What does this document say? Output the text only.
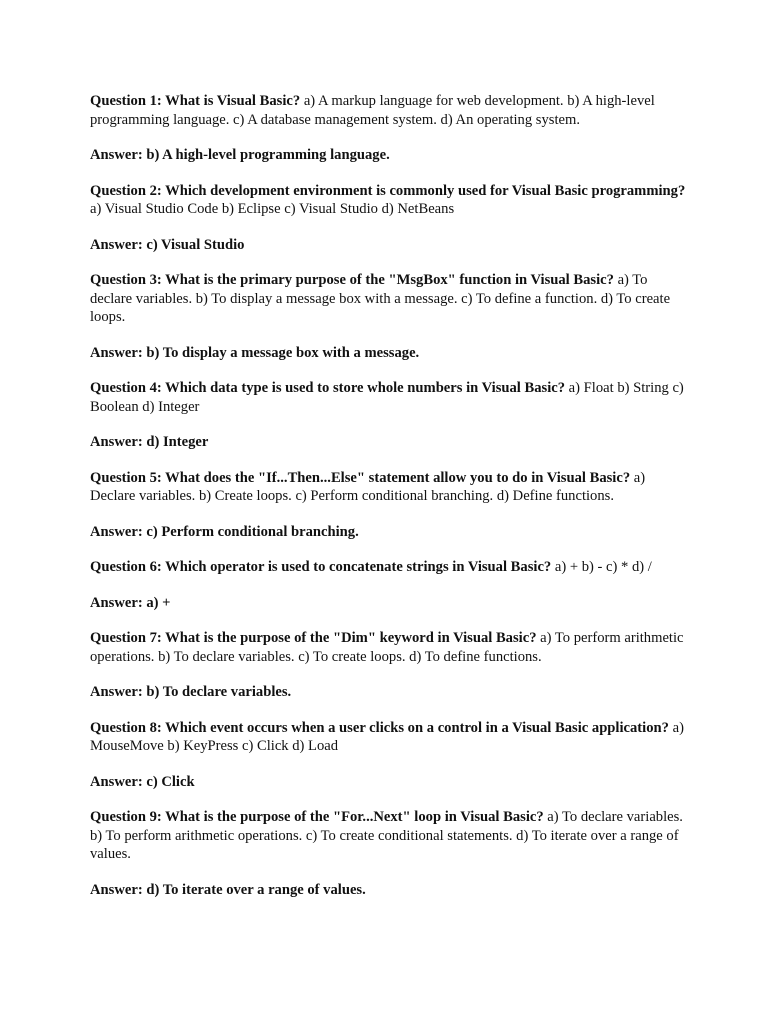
Question 1: What is Visual Basic? a) A markup language for web development. b) A high-level programming language. c) A database management system. d) An operating system.

Answer: b) A high-level programming language.

Question 2: Which development environment is commonly used for Visual Basic programming? a) Visual Studio Code b) Eclipse c) Visual Studio d) NetBeans

Answer: c) Visual Studio

Question 3: What is the primary purpose of the "MsgBox" function in Visual Basic? a) To declare variables. b) To display a message box with a message. c) To define a function. d) To create loops.

Answer: b) To display a message box with a message.

Question 4: Which data type is used to store whole numbers in Visual Basic? a) Float b) String c) Boolean d) Integer

Answer: d) Integer

Question 5: What does the "If...Then...Else" statement allow you to do in Visual Basic? a) Declare variables. b) Create loops. c) Perform conditional branching. d) Define functions.

Answer: c) Perform conditional branching.

Question 6: Which operator is used to concatenate strings in Visual Basic? a) + b) - c) * d) /

Answer: a) +

Question 7: What is the purpose of the "Dim" keyword in Visual Basic? a) To perform arithmetic operations. b) To declare variables. c) To create loops. d) To define functions.

Answer: b) To declare variables.

Question 8: Which event occurs when a user clicks on a control in a Visual Basic application? a) MouseMove b) KeyPress c) Click d) Load

Answer: c) Click

Question 9: What is the purpose of the "For...Next" loop in Visual Basic? a) To declare variables. b) To perform arithmetic operations. c) To create conditional statements. d) To iterate over a range of values.

Answer: d) To iterate over a range of values.
